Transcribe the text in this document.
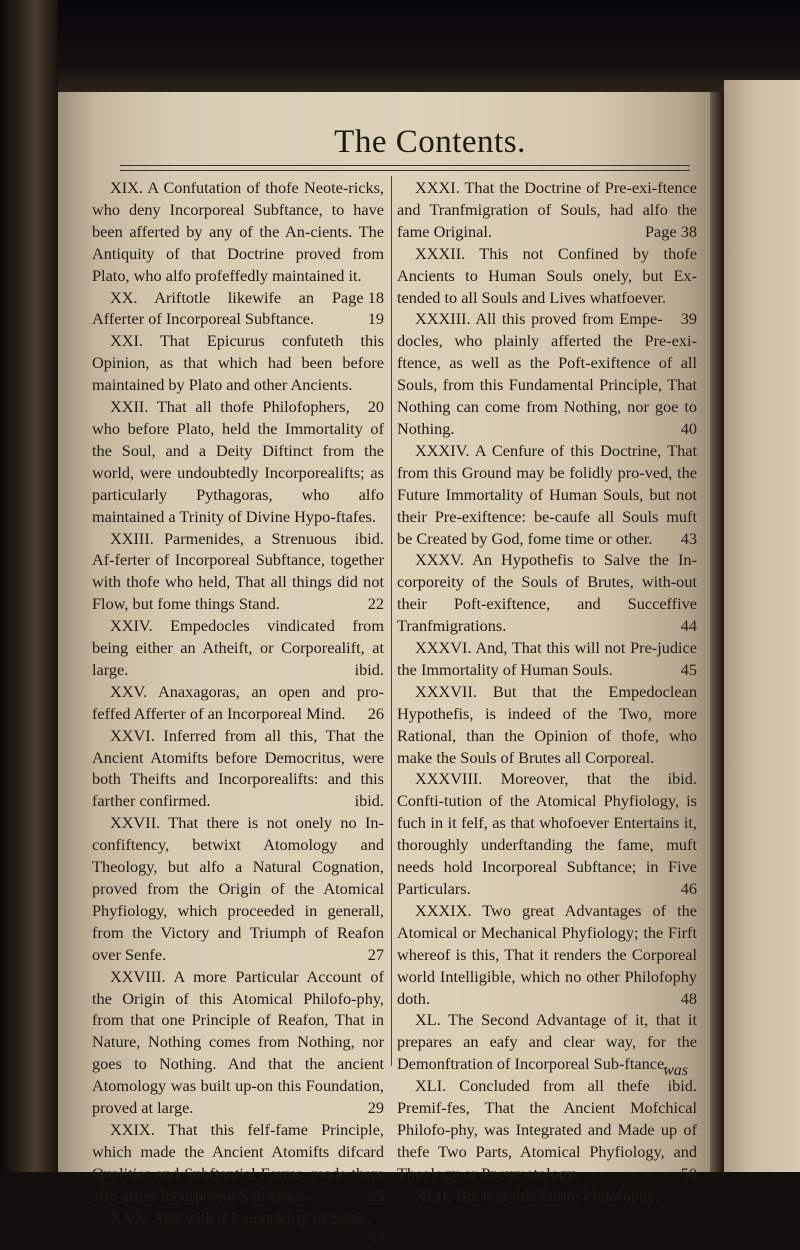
The Contents.

XIX. A Confutation of thofe Neote-ricks, who deny Incorporeal Subftance, to have been afferted by any of the An-cients. The Antiquity of that Doctrine proved from Plato, who alfo profeffedly maintained it.
Page 18

XX. Ariftotle likewife an Afferter of Incorporeal Subftance.	19

XXI. That Epicurus confuteth this Opinion, as that which had been before maintained by Plato and other Ancients.
20

XXII. That all thofe Philofophers, who before Plato, held the Immortality of the Soul, and a Deity Diftinct from the world, were undoubtedly Incorporealifts; as particularly Pythagoras, who alfo maintained a Trinity of Divine Hypo-ftafes.
ibid.

XXIII. Parmenides, a Strenuous Af-ferter of Incorporeal Subftance, together with thofe who held, That all things did not Flow, but fome things Stand.	22

XXIV. Empedocles vindicated from being either an Atheift, or Corporealift, at large.	ibid.

XXV. Anaxagoras, an open and pro-feffed Afferter of an Incorporeal Mind.	26

XXVI. Inferred from all this, That the Ancient Atomifts before Democritus, were both Theifts and Incorporealifts: and this farther confirmed.	ibid.

XXVII. That there is not onely no In-confiftency, betwixt Atomology and Theology, but alfo a Natural Cognation, proved from the Origin of the Atomical Phyfiology, which proceeded in generall, from the Victory and Triumph of Reafon over Senfe.	27

XXVIII. A more Particular Account of the Origin of this Atomical Philofo-phy, from that one Principle of Reafon, That in Nature, Nothing comes from Nothing, nor goes to Nothing. And that the ancient Atomology was built up-on this Foundation, proved at large.	29

XXIX. That this felf-fame Principle, which made the Ancient Atomifts difcard Qualities and Subftantial Forms, made them alfo affert Incorporeal Subftance.	35

XXX. And with it Immortality of Souls.
37

XXXI. That the Doctrine of Pre-exi-ftence and Tranfmigration of Souls, had alfo the fame Original.	Page 38

XXXII. This not Confined by thofe Ancients to Human Souls onely, but Ex-tended to all Souls and Lives whatfoever.
39

XXXIII. All this proved from Empe-docles, who plainly afferted the Pre-exi-ftence, as well as the Poft-exiftence of all Souls, from this Fundamental Principle, That Nothing can come from Nothing, nor goe to Nothing.	40

XXXIV. A Cenfure of this Doctrine, That from this Ground may be folidly pro-ved, the Future Immortality of Human Souls, but not their Pre-exiftence: be-caufe all Souls muft be Created by God, fome time or other.	43

XXXV. An Hypothefis to Salve the In-corporeity of the Souls of Brutes, with-out their Poft-exiftence, and Succeffive Tranfmigrations.	44

XXXVI. And, That this will not Pre-judice the Immortality of Human Souls.	45

XXXVII. But that the Empedoclean Hypothefis, is indeed of the Two, more Rational, than the Opinion of thofe, who make the Souls of Brutes all Corporeal.
ibid.

XXXVIII. Moreover, that the Confti-tution of the Atomical Phyfiology, is fuch in it felf, as that whofoever Entertains it, thoroughly underftanding the fame, muft needs hold Incorporeal Subftance; in Five Particulars.	46

XXXIX. Two great Advantages of the Atomical or Mechanical Phyfiology; the Firft whereof is this, That it renders the Corporeal world Intelligible, which no other Philofophy doth.	48

XL. The Second Advantage of it, that it prepares an eafy and clear way, for the Demonftration of Incorporeal Sub-ftance.
ibid.

XLI. Concluded from all thefe Premif-fes, That the Ancient Mofchical Philofo-phy, was Integrated and Made up of thefe Two Parts, Atomical Phyfiology, and Theology or Pneumatology.	50

XLII. But that this Entire Philofophy,

was
